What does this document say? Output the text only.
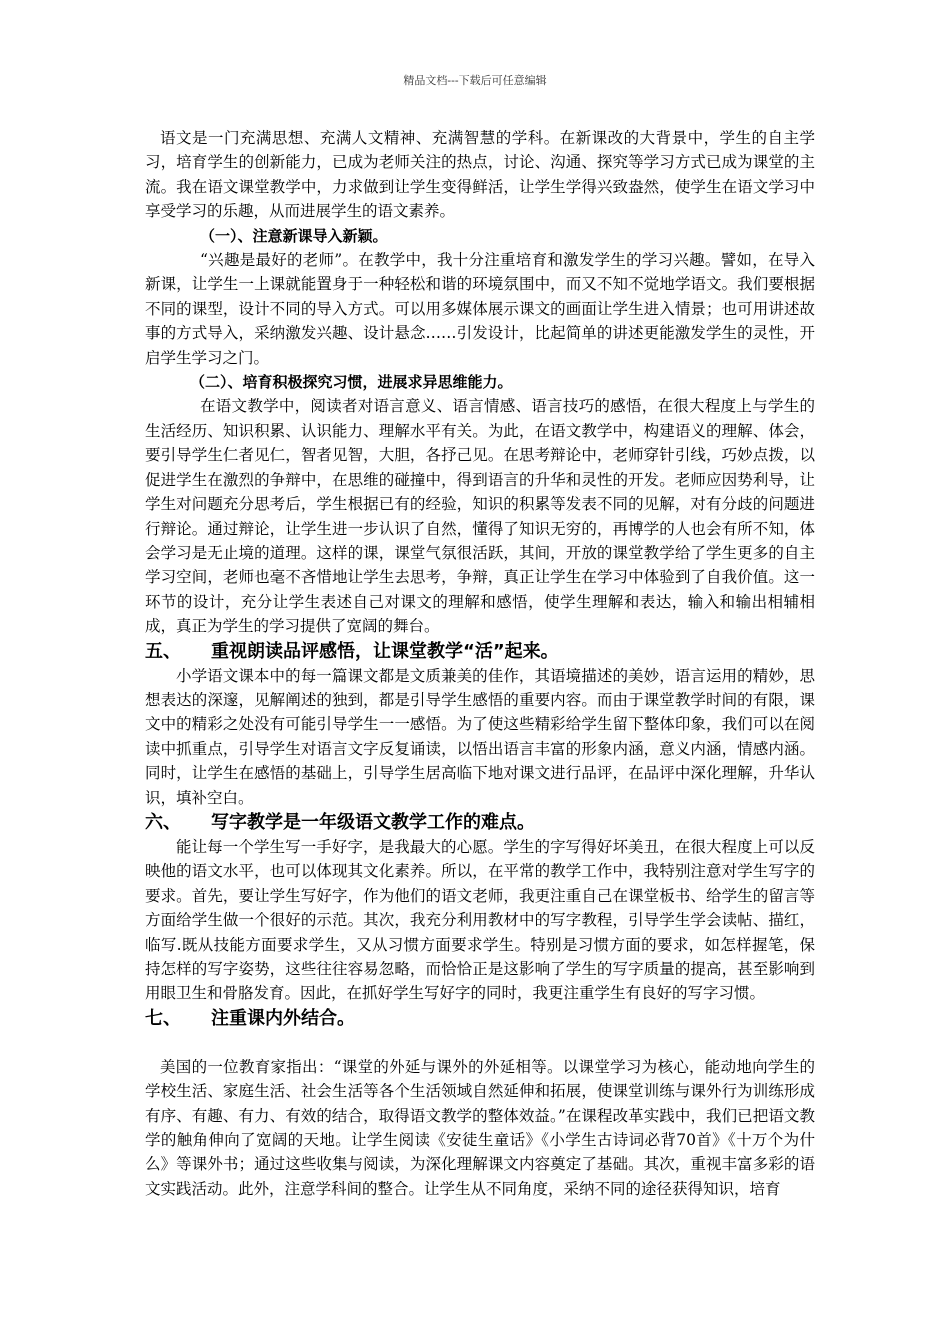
精品文档---下载后可任意编辑

语文是一门充满思想、充满人文精神、充满智慧的学科。在新课改的大背景中，学生的自主学习，培育学生的创新能力，已成为老师关注的热点，讨论、沟通、探究等学习方式已成为课堂的主流。我在语文课堂教学中，力求做到让学生变得鲜活，让学生学得兴致盎然，使学生在语文学习中享受学习的乐趣，从而进展学生的语文素养。

（一）、注意新课导入新颖。

“兴趣是最好的老师”。在教学中，我十分注重培育和激发学生的学习兴趣。譬如，在导入新课，让学生一上课就能置身于一种轻松和谐的环境氛围中，而又不知不觉地学语文。我们要根据不同的课型，设计不同的导入方式。可以用多媒体展示课文的画面让学生进入情景；也可用讲述故事的方式导入，采纳激发兴趣、设计悬念……引发设计，比起简单的讲述更能激发学生的灵性，开启学生学习之门。

（二）、培育积极探究习惯，进展求异思维能力。

在语文教学中，阅读者对语言意义、语言情感、语言技巧的感悟，在很大程度上与学生的生活经历、知识积累、认识能力、理解水平有关。为此，在语文教学中，构建语义的理解、体会，要引导学生仁者见仁，智者见智，大胆，各抒己见。在思考辩论中，老师穿针引线，巧妙点拨，以促进学生在激烈的争辩中，在思维的碰撞中，得到语言的升华和灵性的开发。老师应因势利导，让学生对问题充分思考后，学生根据已有的经验，知识的积累等发表不同的见解，对有分歧的问题进行辩论。通过辩论，让学生进一步认识了自然，懂得了知识无穷的，再博学的人也会有所不知，体会学习是无止境的道理。这样的课，课堂气氛很活跃，其间，开放的课堂教学给了学生更多的自主学习空间，老师也毫不吝惜地让学生去思考，争辩，真正让学生在学习中体验到了自我价值。这一环节的设计，充分让学生表述自己对课文的理解和感悟，使学生理解和表达，输入和输出相辅相成，真正为学生的学习提供了宽阔的舞台。

五、 重视朗读品评感悟，让课堂教学“活”起来。

小学语文课本中的每一篇课文都是文质兼美的佳作，其语境描述的美妙，语言运用的精妙，思想表达的深邃，见解阐述的独到，都是引导学生感悟的重要内容。而由于课堂教学时间的有限，课文中的精彩之处没有可能引导学生一一感悟。为了使这些精彩给学生留下整体印象，我们可以在阅读中抓重点，引导学生对语言文字反复诵读，以悟出语言丰富的形象内涵，意义内涵，情感内涵。同时，让学生在感悟的基础上，引导学生居高临下地对课文进行品评，在品评中深化理解，升华认识，填补空白。

六、 写字教学是一年级语文教学工作的难点。

能让每一个学生写一手好字，是我最大的心愿。学生的字写得好坏美丑，在很大程度上可以反映他的语文水平，也可以体现其文化素养。所以，在平常的教学工作中，我特别注意对学生写字的要求。首先，要让学生写好字，作为他们的语文老师，我更注重自己在课堂板书、给学生的留言等方面给学生做一个很好的示范。其次，我充分利用教材中的写字教程，引导学生学会读帖、描红，临写.既从技能方面要求学生，又从习惯方面要求学生。特别是习惯方面的要求，如怎样握笔，保持怎样的写字姿势，这些往往容易忽略，而恰恰正是这影响了学生的写字质量的提高，甚至影响到用眼卫生和骨胳发育。因此，在抓好学生写好字的同时，我更注重学生有良好的写字习惯。

七、 注重课内外结合。

美国的一位教育家指出：“课堂的外延与课外的外延相等。以课堂学习为核心，能动地向学生的学校生活、家庭生活、社会生活等各个生活领域自然延伸和拓展，使课堂训练与课外行为训练形成有序、有趣、有力、有效的结合，取得语文教学的整体效益。”在课程改革实践中，我们已把语文教学的触角伸向了宽阔的天地。让学生阅读《安徒生童话》《小学生古诗词必背70首》《十万个为什么》等课外书；通过这些收集与阅读，为深化理解课文内容奠定了基础。其次，重视丰富多彩的语文实践活动。此外，注意学科间的整合。让学生从不同角度，采纳不同的途径获得知识，培育
